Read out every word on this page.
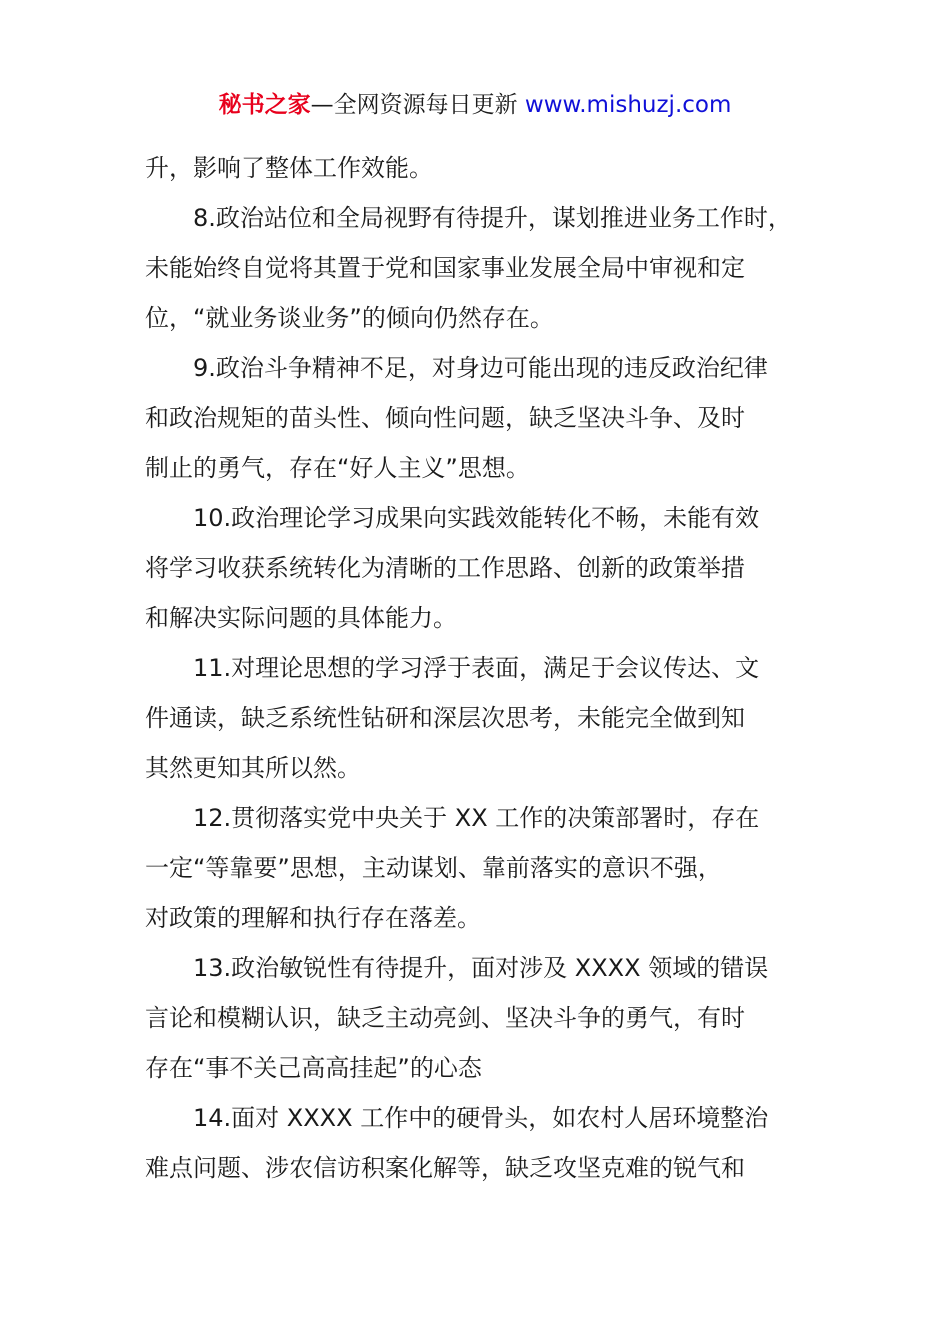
秘书之家—全网资源每日更新 www.mishuzj.com
升，影响了整体工作效能。
8.政治站位和全局视野有待提升，谋划推进业务工作时，
未能始终自觉将其置于党和国家事业发展全局中审视和定
位，“就业务谈业务”的倾向仍然存在。
9.政治斗争精神不足，对身边可能出现的违反政治纪律
和政治规矩的苗头性、倾向性问题，缺乏坚决斗争、及时
制止的勇气，存在“好人主义”思想。
10.政治理论学习成果向实践效能转化不畅，未能有效
将学习收获系统转化为清晰的工作思路、创新的政策举措
和解决实际问题的具体能力。
11.对理论思想的学习浮于表面，满足于会议传达、文
件通读，缺乏系统性钻研和深层次思考，未能完全做到知
其然更知其所以然。
12.贯彻落实党中央关于 XX 工作的决策部署时，存在
一定“等靠要”思想，主动谋划、靠前落实的意识不强，
对政策的理解和执行存在落差。
13.政治敏锐性有待提升，面对涉及 XXXX 领域的错误
言论和模糊认识，缺乏主动亮剑、坚决斗争的勇气，有时
存在“事不关己高高挂起”的心态
14.面对 XXXX 工作中的硬骨头，如农村人居环境整治
难点问题、涉农信访积案化解等，缺乏攻坚克难的锐气和
